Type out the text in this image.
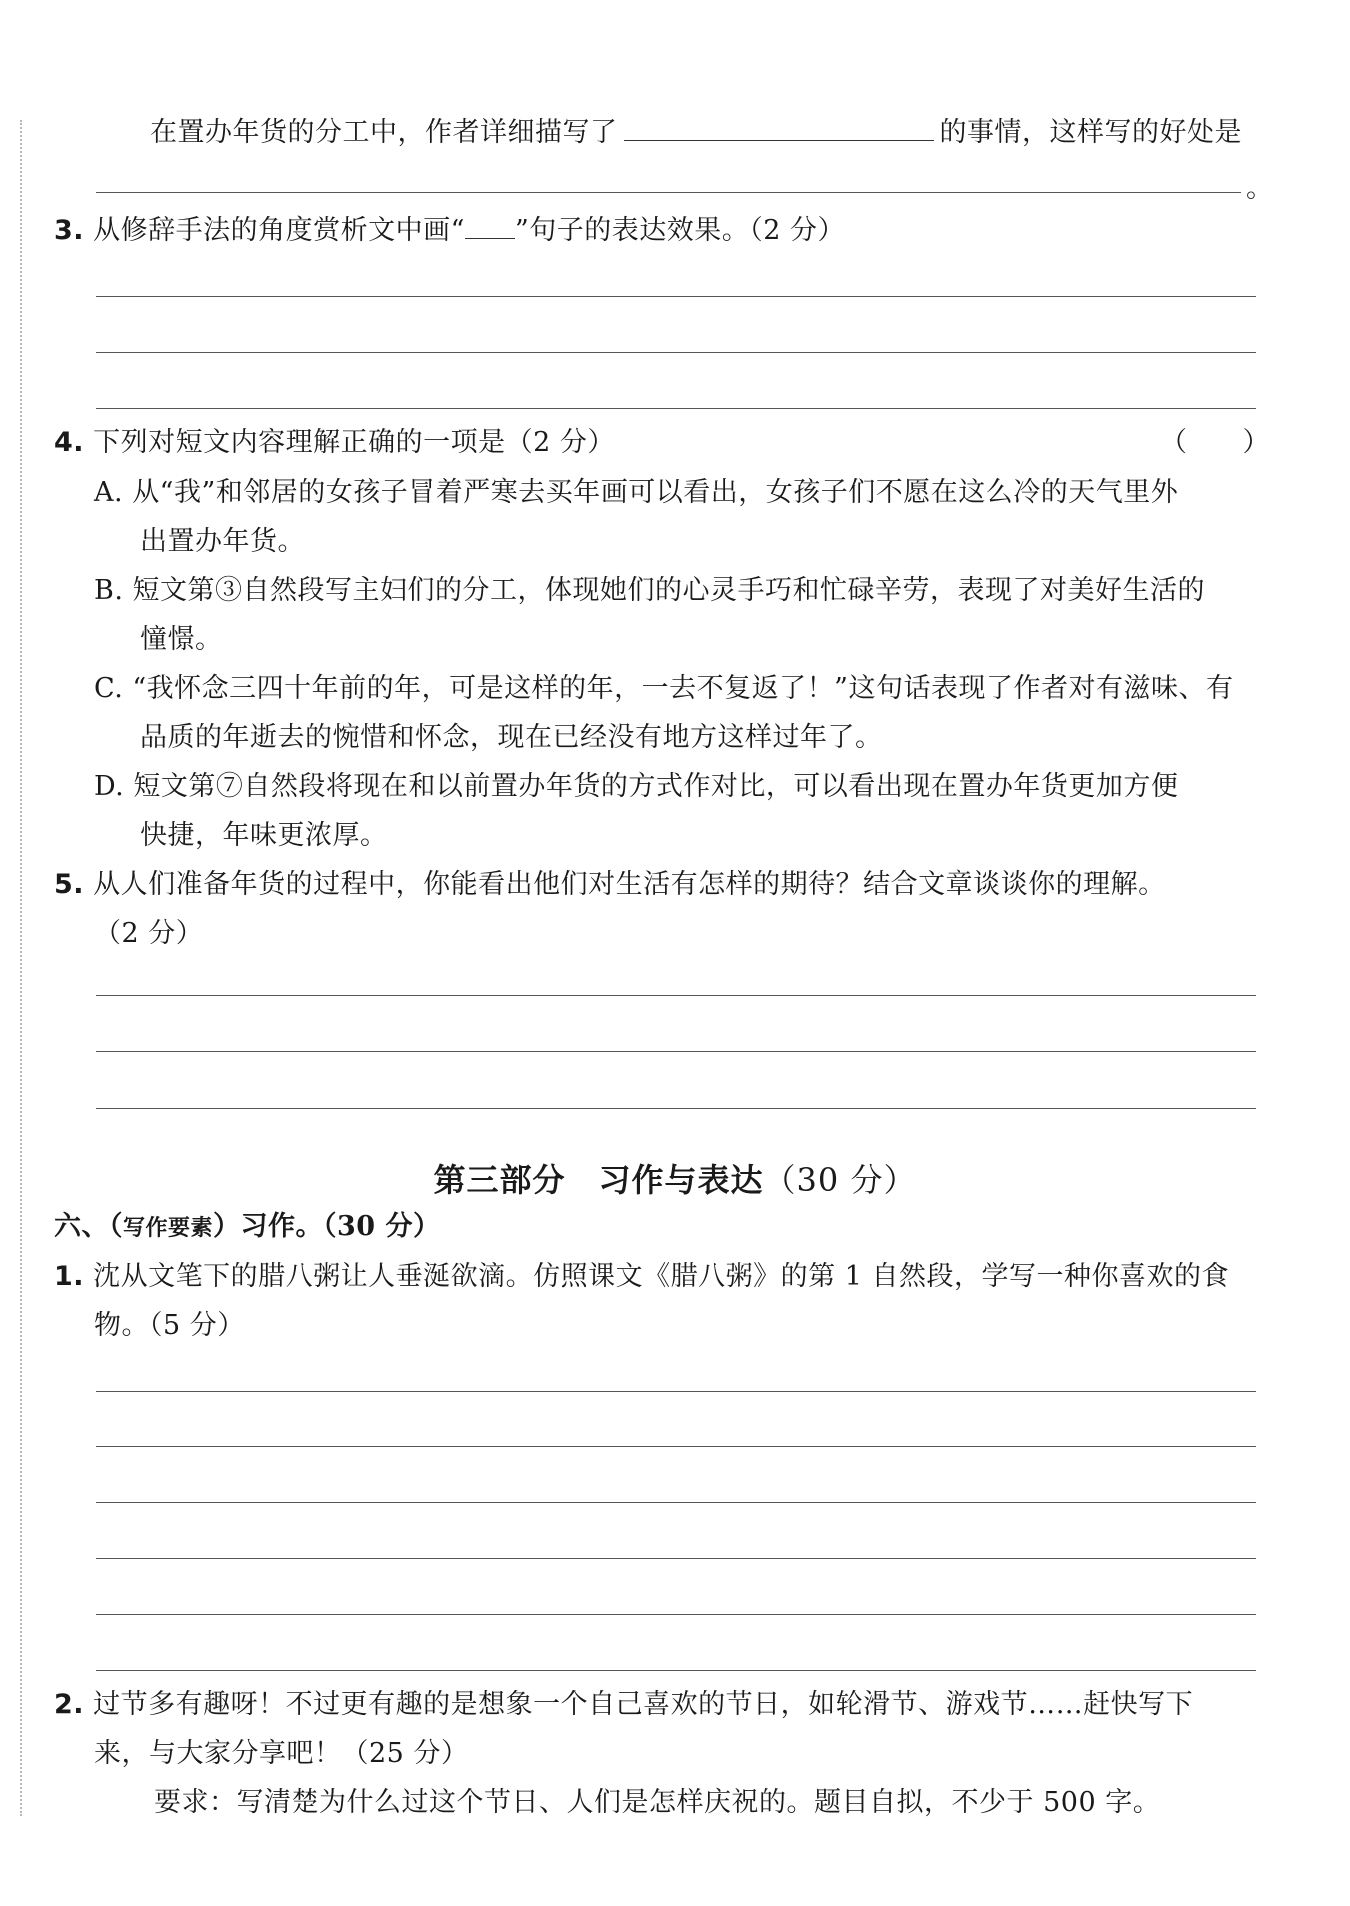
在置办年货的分工中，作者详细描写了	的事情，这样写的好处是
。
3. 从修辞手法的角度赏析文中画“ ”句子的表达效果。（2 分）
4. 下列对短文内容理解正确的一项是（2 分）	（　　）
A. 从“我”和邻居的女孩子冒着严寒去买年画可以看出，女孩子们不愿在这么冷的天气里外
出置办年货。
B. 短文第③自然段写主妇们的分工，体现她们的心灵手巧和忙碌辛劳，表现了对美好生活的
憧憬。
C. “我怀念三四十年前的年，可是这样的年，一去不复返了！”这句话表现了作者对有滋味、有
品质的年逝去的惋惜和怀念，现在已经没有地方这样过年了。
D. 短文第⑦自然段将现在和以前置办年货的方式作对比，可以看出现在置办年货更加方便
快捷，年味更浓厚。
5. 从人们准备年货的过程中，你能看出他们对生活有怎样的期待？结合文章谈谈你的理解。
（2 分）
第三部分　习作与表达（30 分）
六、（写作要素）习作。（30 分）
1. 沈从文笔下的腊八粥让人垂涎欲滴。仿照课文《腊八粥》的第 1 自然段，学写一种你喜欢的食
物。（5 分）
2. 过节多有趣呀！不过更有趣的是想象一个自己喜欢的节日，如轮滑节、游戏节……赶快写下
来，与大家分享吧！（25 分）
要求：写清楚为什么过这个节日、人们是怎样庆祝的。题目自拟，不少于 500 字。
